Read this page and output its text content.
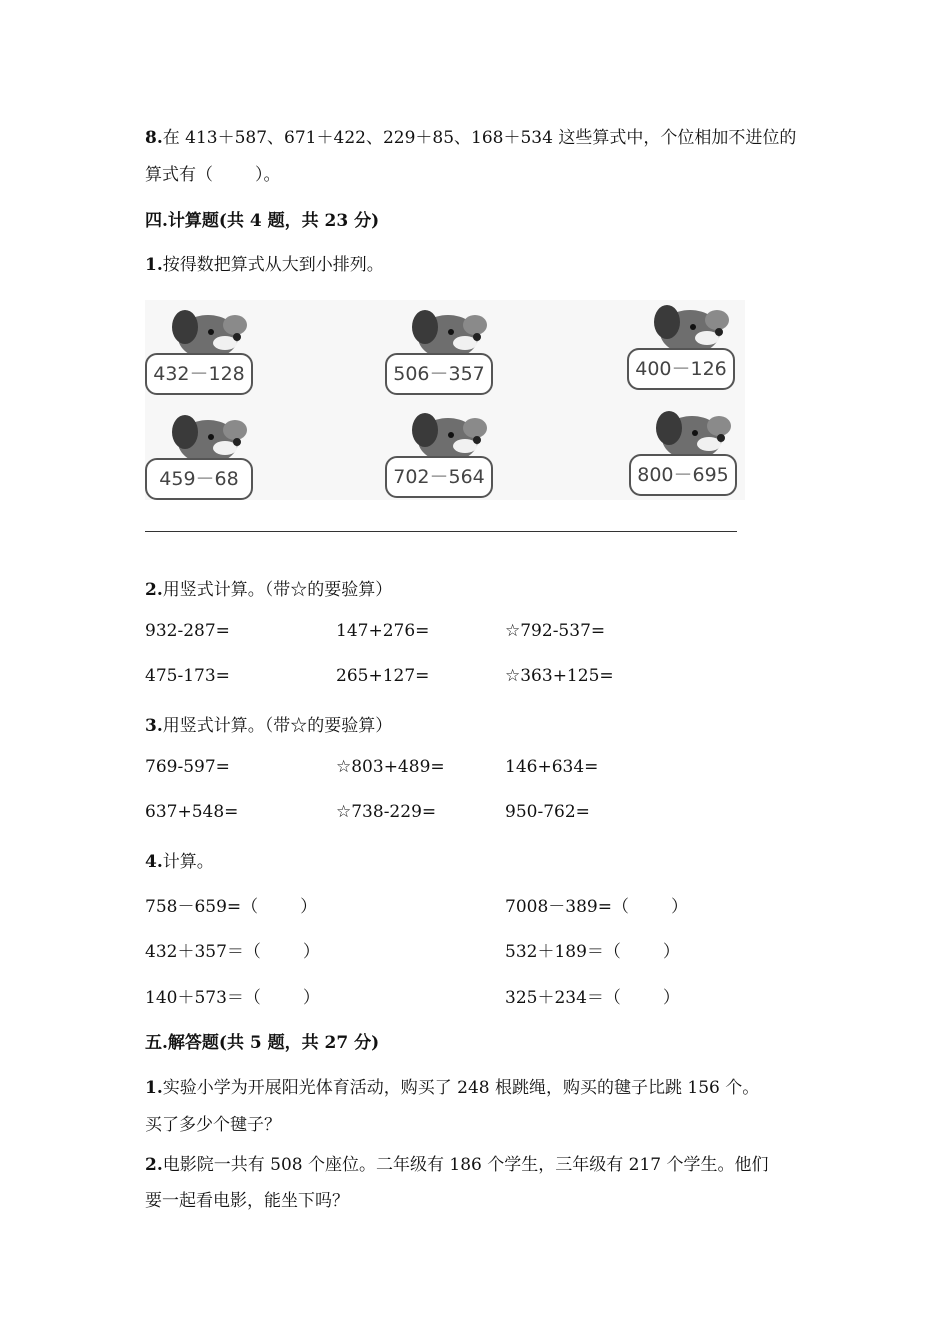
8.在 413＋587、671＋422、229＋85、168＋534 这些算式中，个位相加不进位的
算式有（ ）。
四.计算题(共 4 题，共 23 分)
1.按得数把算式从大到小排列。
432－128	506－357	400－126
459－68	702－564	800－695
2.用竖式计算。（带☆的要验算）
932-287=	147+276=	☆792-537=
475-173=	265+127=	☆363+125=
3.用竖式计算。（带☆的要验算）
769-597=	☆803+489=	146+634=
637+548=	☆738-229=	950-762=
4.计算。
758－659=（ ）	7008－389=（ ）
432＋357＝（ ）	532＋189＝（ ）
140＋573＝（ ）	325＋234＝（ ）
五.解答题(共 5 题，共 27 分)
1.实验小学为开展阳光体育活动，购买了 248 根跳绳，购买的毽子比跳 156 个。
买了多少个毽子？
2.电影院一共有 508 个座位。二年级有 186 个学生，三年级有 217 个学生。他们
要一起看电影，能坐下吗？
